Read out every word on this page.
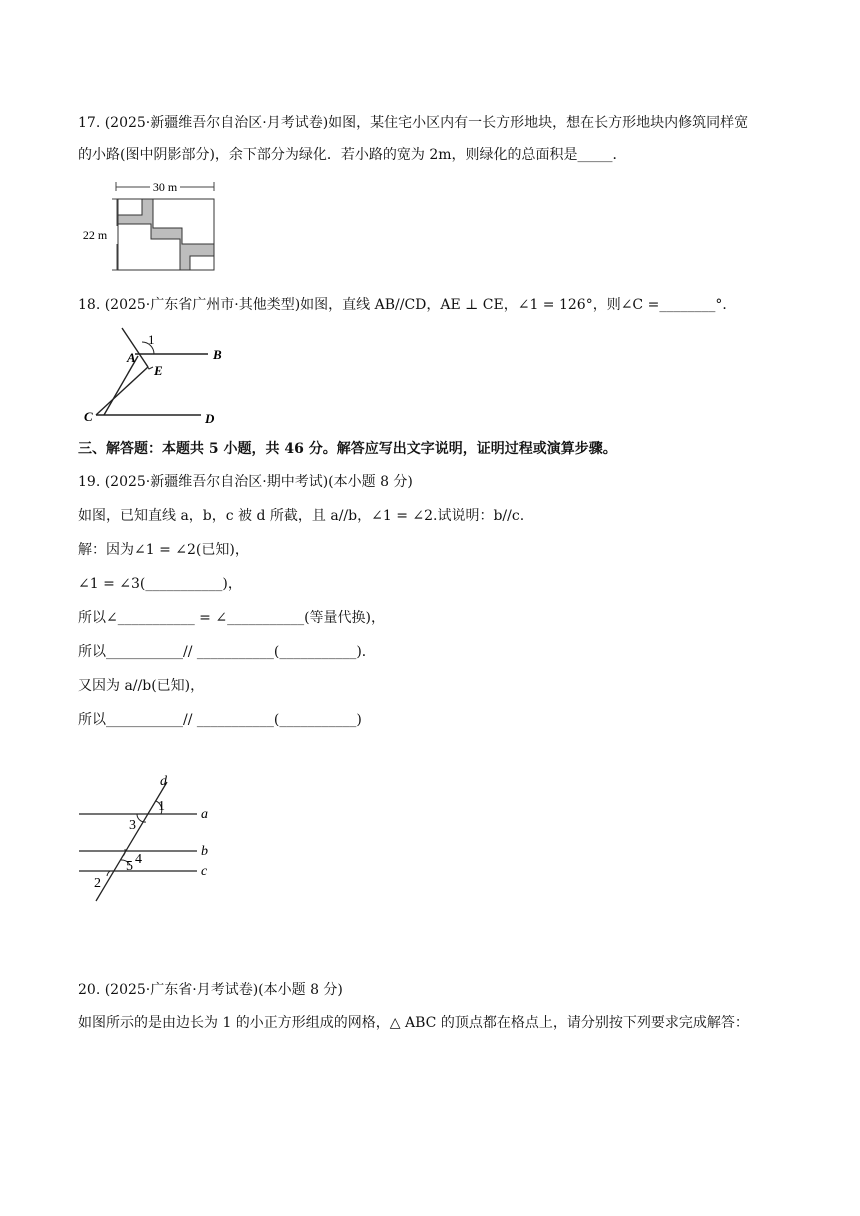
17. (2025·新疆维吾尔自治区·月考试卷)如图，某住宅小区内有一长方形地块，想在长方形地块内修筑同样宽
的小路(图中阴影部分)，余下部分为绿化．若小路的宽为 2m，则绿化的总面积是_____．
30 m
22 m
18. (2025·广东省广州市·其他类型)如图，直线 AB//CD，AE ⊥ CE，∠1 = 126°，则∠C =________°．
1
A	B
E
C	D
三、解答题：本题共 5 小题，共 46 分。解答应写出文字说明，证明过程或演算步骤。
19. (2025·新疆维吾尔自治区·期中考试)(本小题 8 分)
如图，已知直线 a，b，c 被 d 所截，且 a//b，∠1 = ∠2.试说明：b//c.
解：因为∠1 = ∠2(已知)，
∠1 = ∠3(___________)，
所以∠___________ = ∠___________(等量代换)，
所以___________// ___________(___________)．
又因为 a//b(已知)，
所以___________// ___________(___________)
d
a
b
c
1
3
4
5
2
20. (2025·广东省·月考试卷)(本小题 8 分)
如图所示的是由边长为 1 的小正方形组成的网格，△ ABC 的顶点都在格点上，请分别按下列要求完成解答：
